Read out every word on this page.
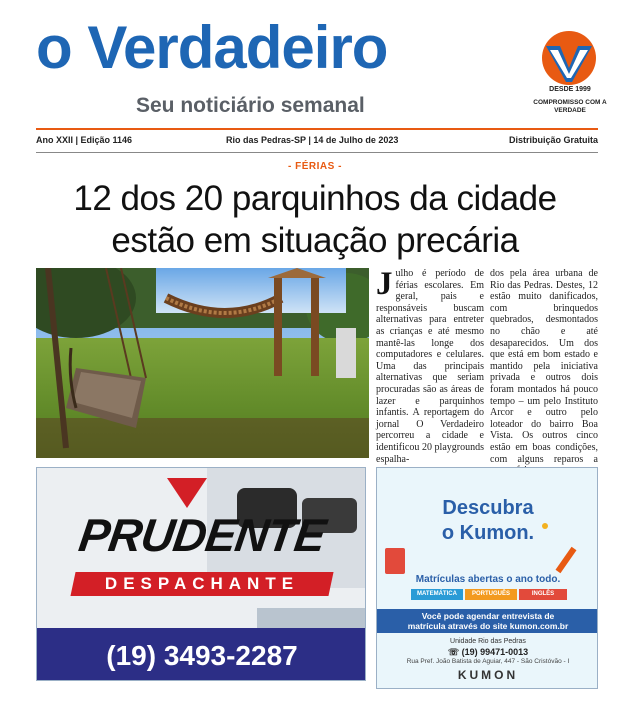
o Verdadeiro
Seu noticiário semanal
DESDE 1999
COMPROMISSO COM A VERDADE
Ano XXII | Edição 1146	Rio das Pedras-SP | 14 de Julho de 2023	Distribuição Gratuita
- FÉRIAS -
12 dos 20 parquinhos da cidade
estão em situação precária
Julho é período de férias escolares. Em geral, pais e responsáveis buscam alternativas para entreter as crianças e até mesmo mantê-las longe dos computadores e celulares. Uma das principais alternativas que seriam procuradas são as áreas de lazer e parquinhos infantis. A reportagem do jornal O Verdadeiro percorreu a cidade e identificou 20 playgrounds espalha-
dos pela área urbana de Rio das Pedras. Destes, 12 estão muito danificados, com brinquedos quebrados, desmontados no chão e até desaparecidos. Um dos que está em bom estado e mantido pela iniciativa privada e outros dois foram montados há pouco tempo – um pelo Instituto Arcor e outro pelo loteador do bairro Boa Vista. Os outros cinco estão em boas condições, com alguns reparos a
PRUDENTE
DESPACHANTE
(19) 3493-2287
Descubra
o Kumon.
Matrículas abertas o ano todo.
MATEMÁTICA	PORTUGUÊS	INGLÊS
Você pode agendar entrevista de
matrícula através do site kumon.com.br
Unidade Rio das Pedras
☏ (19) 99471-0013
Rua Pref. João Batista de Aguiar, 447 - São Cristóvão - I
KUMON
